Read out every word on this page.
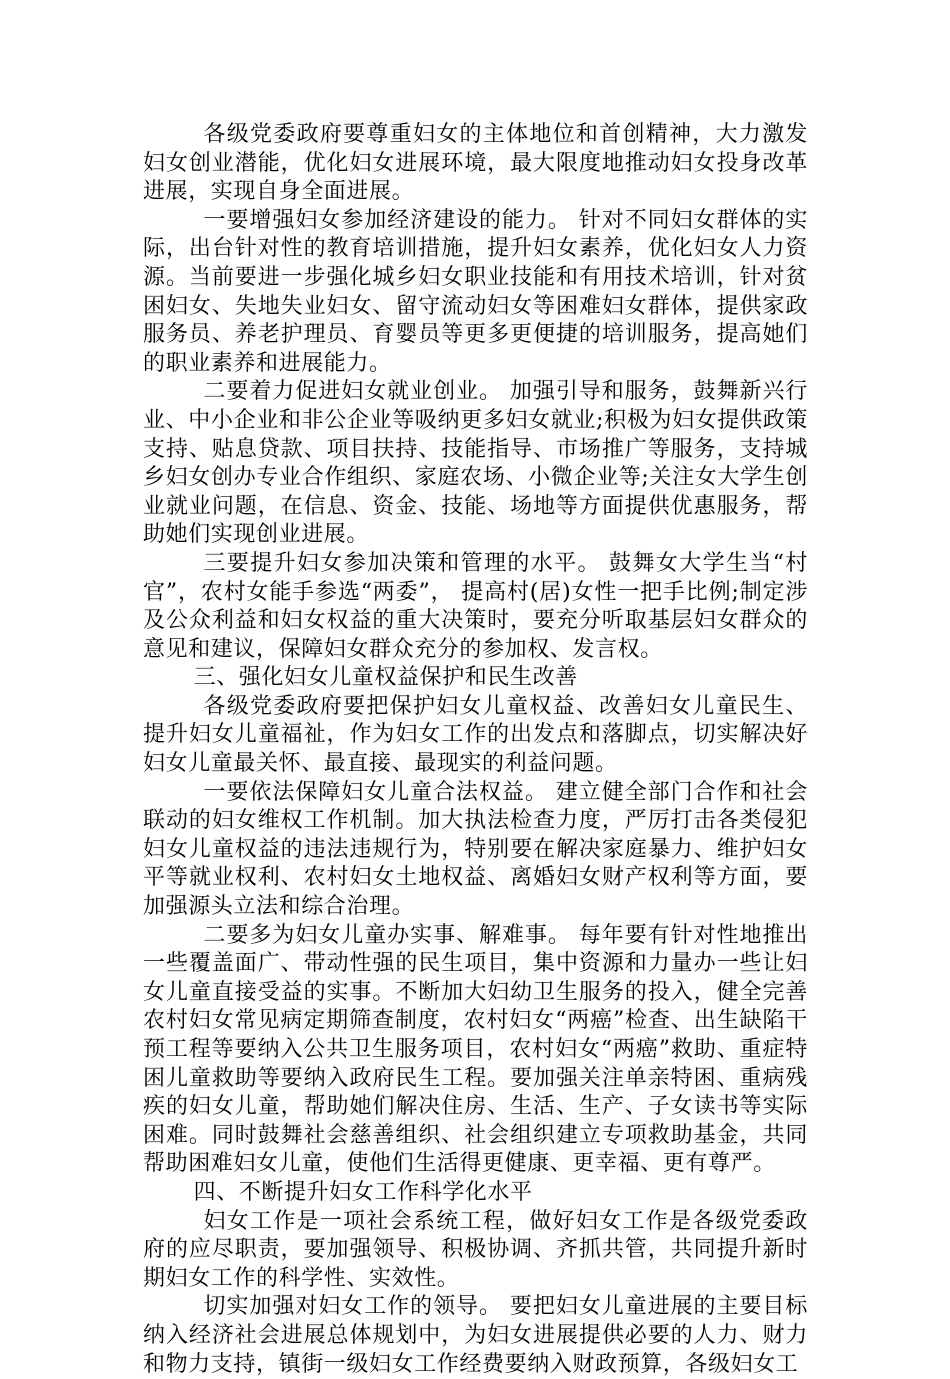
各级党委政府要尊重妇女的主体地位和首创精神，大力激发妇女创业潜能，优化妇女进展环境，最大限度地推动妇女投身改革进展，实现自身全面进展。

一要增强妇女参加经济建设的能力。 针对不同妇女群体的实际，出台针对性的教育培训措施，提升妇女素养，优化妇女人力资源。当前要进一步强化城乡妇女职业技能和有用技术培训，针对贫困妇女、失地失业妇女、留守流动妇女等困难妇女群体，提供家政服务员、养老护理员、育婴员等更多更便捷的培训服务，提高她们的职业素养和进展能力。

二要着力促进妇女就业创业。 加强引导和服务，鼓舞新兴行业、中小企业和非公企业等吸纳更多妇女就业;积极为妇女提供政策支持、贴息贷款、项目扶持、技能指导、市场推广等服务，支持城乡妇女创办专业合作组织、家庭农场、小微企业等;关注女大学生创业就业问题，在信息、资金、技能、场地等方面提供优惠服务，帮助她们实现创业进展。

三要提升妇女参加决策和管理的水平。 鼓舞女大学生当“村官”，农村女能手参选“两委”， 提高村(居)女性一把手比例;制定涉及公众利益和妇女权益的重大决策时，要充分听取基层妇女群众的意见和建议，保障妇女群众充分的参加权、发言权。

三、强化妇女儿童权益保护和民生改善

各级党委政府要把保护妇女儿童权益、改善妇女儿童民生、提升妇女儿童福祉，作为妇女工作的出发点和落脚点，切实解决好妇女儿童最关怀、最直接、最现实的利益问题。

一要依法保障妇女儿童合法权益。 建立健全部门合作和社会联动的妇女维权工作机制。加大执法检查力度，严厉打击各类侵犯妇女儿童权益的违法违规行为，特别要在解决家庭暴力、维护妇女平等就业权利、农村妇女土地权益、离婚妇女财产权利等方面，要加强源头立法和综合治理。

二要多为妇女儿童办实事、解难事。 每年要有针对性地推出一些覆盖面广、带动性强的民生项目，集中资源和力量办一些让妇女儿童直接受益的实事。不断加大妇幼卫生服务的投入，健全完善农村妇女常见病定期筛查制度，农村妇女“两癌”检查、出生缺陷干预工程等要纳入公共卫生服务项目，农村妇女“两癌”救助、重症特困儿童救助等要纳入政府民生工程。要加强关注单亲特困、重病残疾的妇女儿童，帮助她们解决住房、生活、生产、子女读书等实际困难。同时鼓舞社会慈善组织、社会组织建立专项救助基金，共同帮助困难妇女儿童，使他们生活得更健康、更幸福、更有尊严。

四、不断提升妇女工作科学化水平

妇女工作是一项社会系统工程，做好妇女工作是各级党委政府的应尽职责，要加强领导、积极协调、齐抓共管，共同提升新时期妇女工作的科学性、实效性。

切实加强对妇女工作的领导。 要把妇女儿童进展的主要目标纳入经济社会进展总体规划中，为妇女进展提供必要的人力、财力和物力支持，镇街一级妇女工作经费要纳入财政预算，各级妇女工
